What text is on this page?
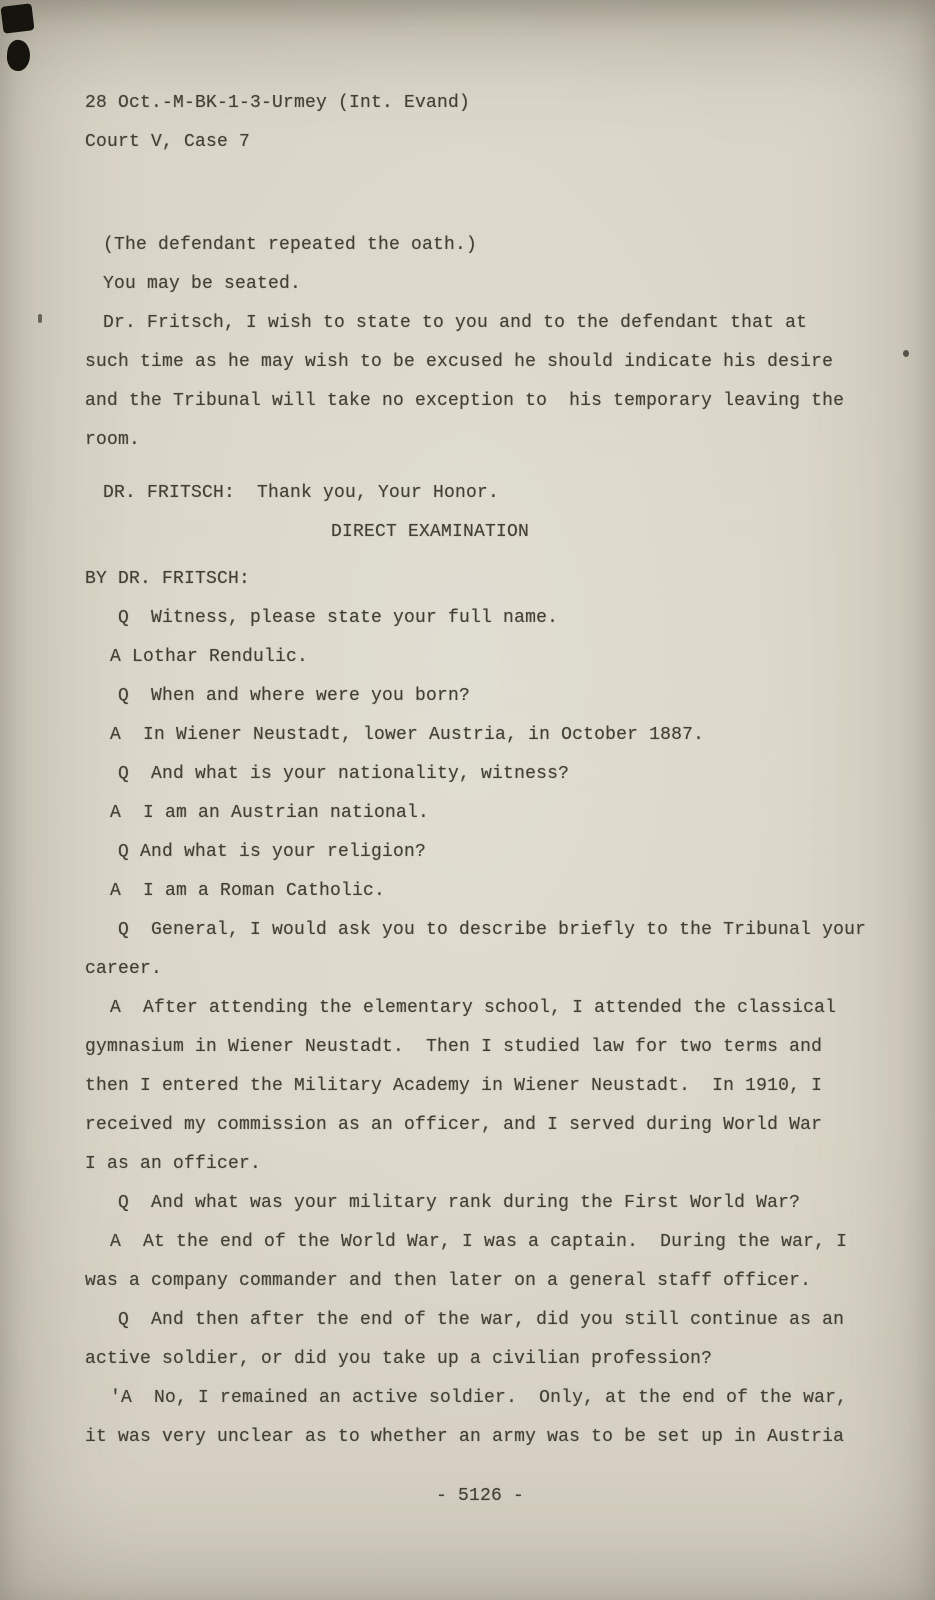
28 Oct.-M-BK-1-3-Urmey (Int. Evand)
Court V, Case 7
(The defendant repeated the oath.)
You may be seated.
Dr. Fritsch, I wish to state to you and to the defendant that at
such time as he may wish to be excused he should indicate his desire
and the Tribunal will take no exception to  his temporary leaving the
room.
DR. FRITSCH:  Thank you, Your Honor.
DIRECT EXAMINATION
BY DR. FRITSCH:
Q  Witness, please state your full name.
A Lothar Rendulic.
Q  When and where were you born?
A  In Wiener Neustadt, lower Austria, in October 1887.
Q  And what is your nationality, witness?
A  I am an Austrian national.
Q And what is your religion?
A  I am a Roman Catholic.
Q  General, I would ask you to describe briefly to the Tribunal your
career.
A  After attending the elementary school, I attended the classical
gymnasium in Wiener Neustadt.  Then I studied law for two terms and
then I entered the Military Academy in Wiener Neustadt.  In 1910, I
received my commission as an officer, and I served during World War
I as an officer.
Q  And what was your military rank during the First World War?
A  At the end of the World War, I was a captain.  During the war, I
was a company commander and then later on a general staff officer.
Q  And then after the end of the war, did you still continue as an
active soldier, or did you take up a civilian profession?
'A  No, I remained an active soldier.  Only, at the end of the war,
it was very unclear as to whether an army was to be set up in Austria
- 5126 -
